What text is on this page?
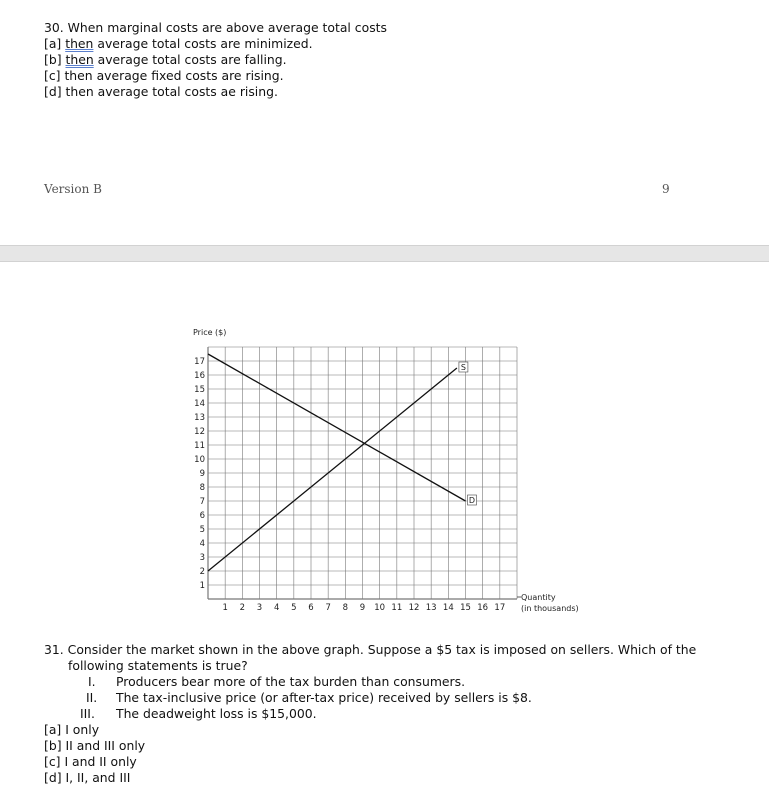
30. When marginal costs are above average total costs
[a] then average total costs are minimized.
[b] then average total costs are falling.
[c] then average fixed costs are rising.
[d] then average total costs ae rising.
Version B	9
Price ($)
1
2
3
4
5
6
7
8
9
10
11
12
13
14
15
16
17
1 2 3 4 5 6 7 8 9 10 11 12 13 14 15 16 17
S
D
Quantity
(in thousands)
31. Consider the market shown in the above graph. Suppose a $5 tax is imposed on sellers. Which of the
following statements is true?
I.	Producers bear more of the tax burden than consumers.
II.	The tax-inclusive price (or after-tax price) received by sellers is $8.
III.	The deadweight loss is $15,000.
[a] I only
[b] II and III only
[c] I and II only
[d] I, II, and III
